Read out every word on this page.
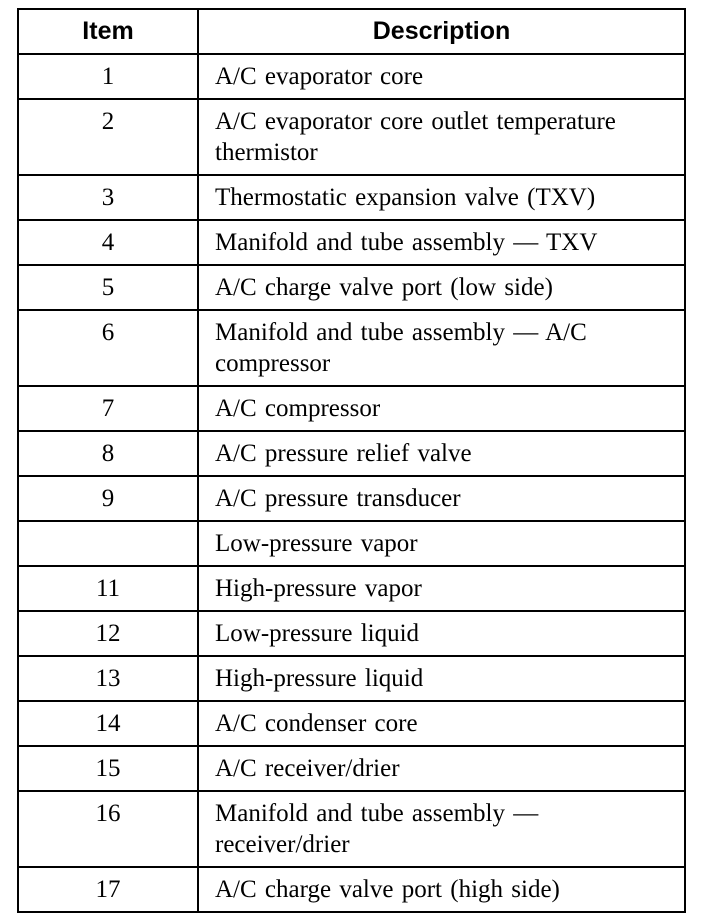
Item	Description
1	A/C evaporator core
2	A/C evaporator core outlet temperature thermistor
3	Thermostatic expansion valve (TXV)
4	Manifold and tube assembly — TXV
5	A/C charge valve port (low side)
6	Manifold and tube assembly — A/C compressor
7	A/C compressor
8	A/C pressure relief valve
9	A/C pressure transducer
	Low-pressure vapor
11	High-pressure vapor
12	Low-pressure liquid
13	High-pressure liquid
14	A/C condenser core
15	A/C receiver/drier
16	Manifold and tube assembly — receiver/drier
17	A/C charge valve port (high side)
